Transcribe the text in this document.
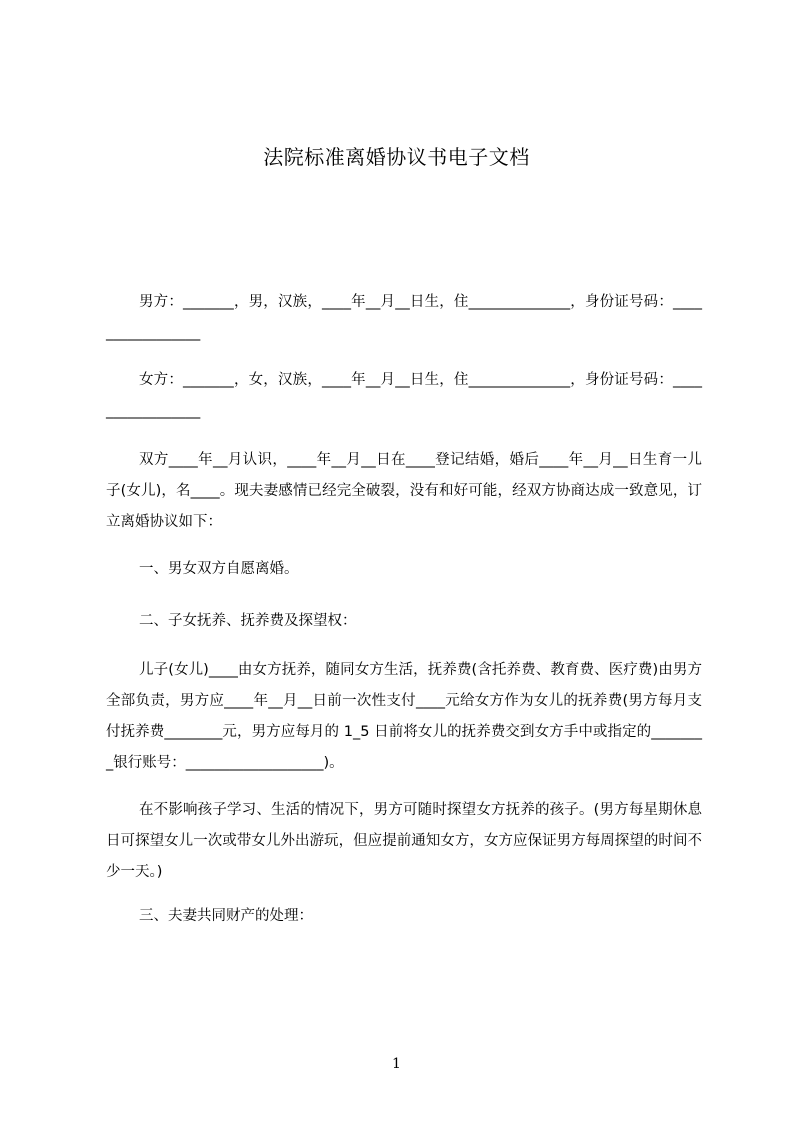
法院标准离婚协议书电子文档

男方：_______，男，汉族，____年__月__日生，住______________，身份证号码：_________________

女方：_______，女，汉族，____年__月__日生，住______________，身份证号码：_________________

双方____年__月认识，____年__月__日在____登记结婚，婚后____年__月__日生育一儿子(女儿)，名____。现夫妻感情已经完全破裂，没有和好可能，经双方协商达成一致意见，订立离婚协议如下：

一、男女双方自愿离婚。

二、子女抚养、抚养费及探望权：

儿子(女儿)____由女方抚养，随同女方生活，抚养费(含托养费、教育费、医疗费)由男方全部负责，男方应____年__月__日前一次性支付____元给女方作为女儿的抚养费(男方每月支付抚养费________元，男方应每月的 1_5 日前将女儿的抚养费交到女方手中或指定的________银行账号：___________________)。

在不影响孩子学习、生活的情况下，男方可随时探望女方抚养的孩子。(男方每星期休息日可探望女儿一次或带女儿外出游玩，但应提前通知女方，女方应保证男方每周探望的时间不少一天。)

三、夫妻共同财产的处理：

1
